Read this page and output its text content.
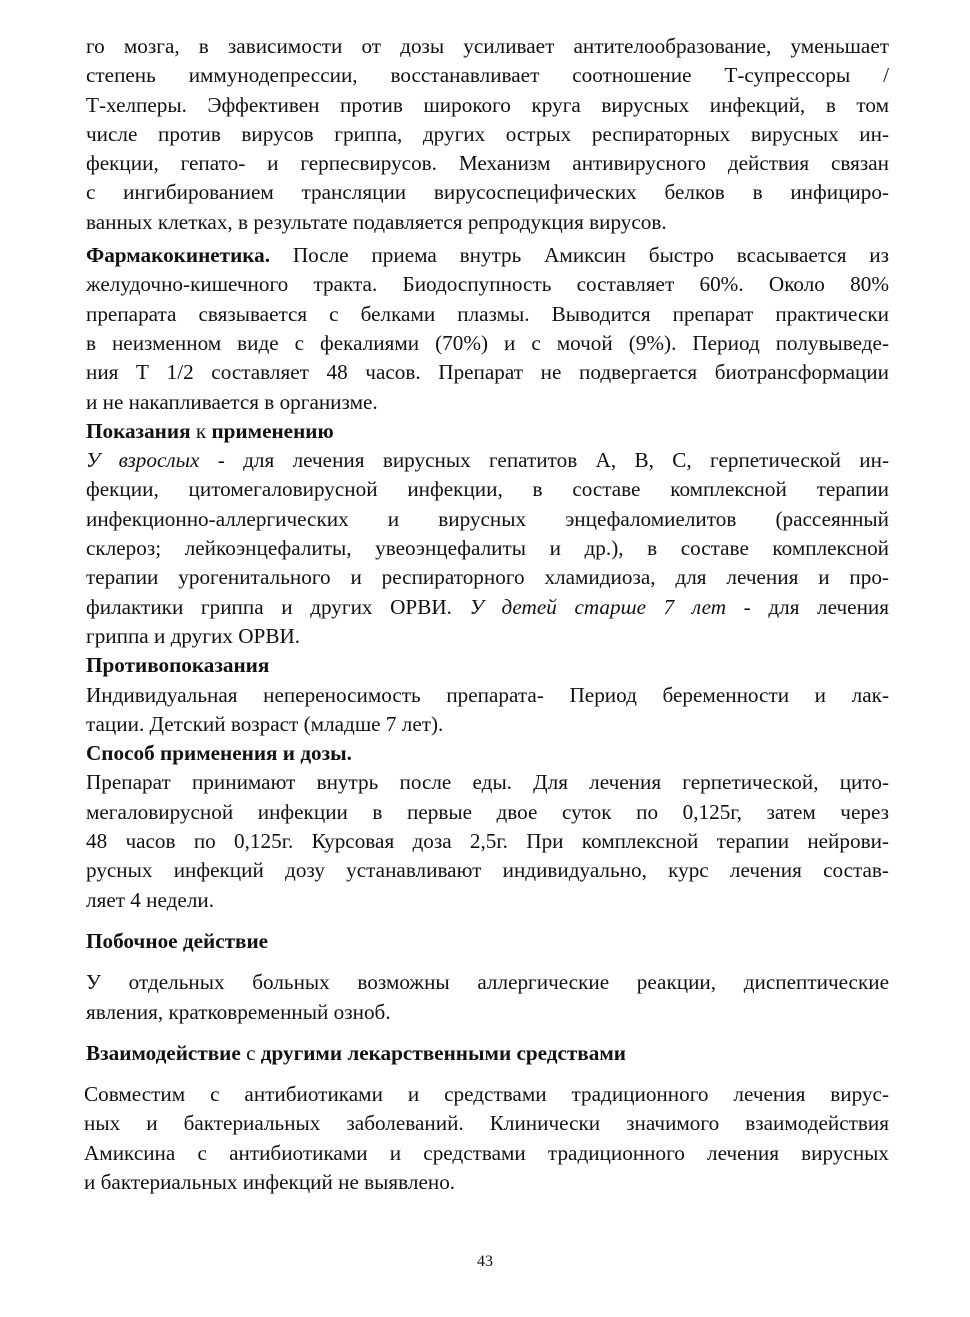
го мозга, в зависимости от дозы усиливает антителообразование, уменьшает
степень иммунодепрессии, восстанавливает соотношение Т-супрессоры /
Т-хелперы. Эффективен против широкого круга вирусных инфекций, в том
числе против вирусов гриппа, других острых респираторных вирусных ин-
фекции, гепато- и герпесвирусов. Механизм антивирусного действия связан
с ингибированием трансляции вирусоспецифических белков в инфициро-
ванных клетках, в результате подавляется репродукция вирусов.
Фармакокинетика. После приема внутрь Амиксин быстро всасывается из
желудочно-кишечного тракта. Биодоспупность составляет 60%. Около 80%
препарата связывается с белками плазмы. Выводится препарат практически
в неизменном виде с фекалиями (70%) и с мочой (9%). Период полувыведе-
ния Т 1/2 составляет 48 часов. Препарат не подвергается биотрансформации
и не накапливается в организме.
Показания к применению
У взрослых - для лечения вирусных гепатитов А, В, С, герпетической ин-
фекции, цитомегаловирусной инфекции, в составе комплексной терапии
инфекционно-аллергических и вирусных энцефаломиелитов (рассеянный
склероз; лейкоэнцефалиты, увеоэнцефалиты и др.), в составе комплексной
терапии урогенитального и респираторного хламидиоза, для лечения и про-
филактики гриппа и других ОРВИ. У детей старше 7 лет - для лечения
гриппа и других ОРВИ.
Противопоказания
Индивидуальная непереносимость препарата- Период беременности и лак-
тации. Детский возраст (младше 7 лет).
Способ применения и дозы.
Препарат принимают внутрь после еды. Для лечения герпетической, цито-
мегаловирусной инфекции в первые двое суток по 0,125г, затем через
48 часов по 0,125г. Курсовая доза 2,5г. При комплексной терапии нейрови-
русных инфекций дозу устанавливают индивидуально, курс лечения состав-
ляет 4 недели.
Побочное действие
У отдельных больных возможны аллергические реакции, диспептические
явления, кратковременный озноб.
Взаимодействие с другими лекарственными средствами
Совместим с антибиотиками и средствами традиционного лечения вирус-
ных и бактериальных заболеваний. Клинически значимого взаимодействия
Амиксина с антибиотиками и средствами традиционного лечения вирусных
и бактериальных инфекций не выявлено.
43
